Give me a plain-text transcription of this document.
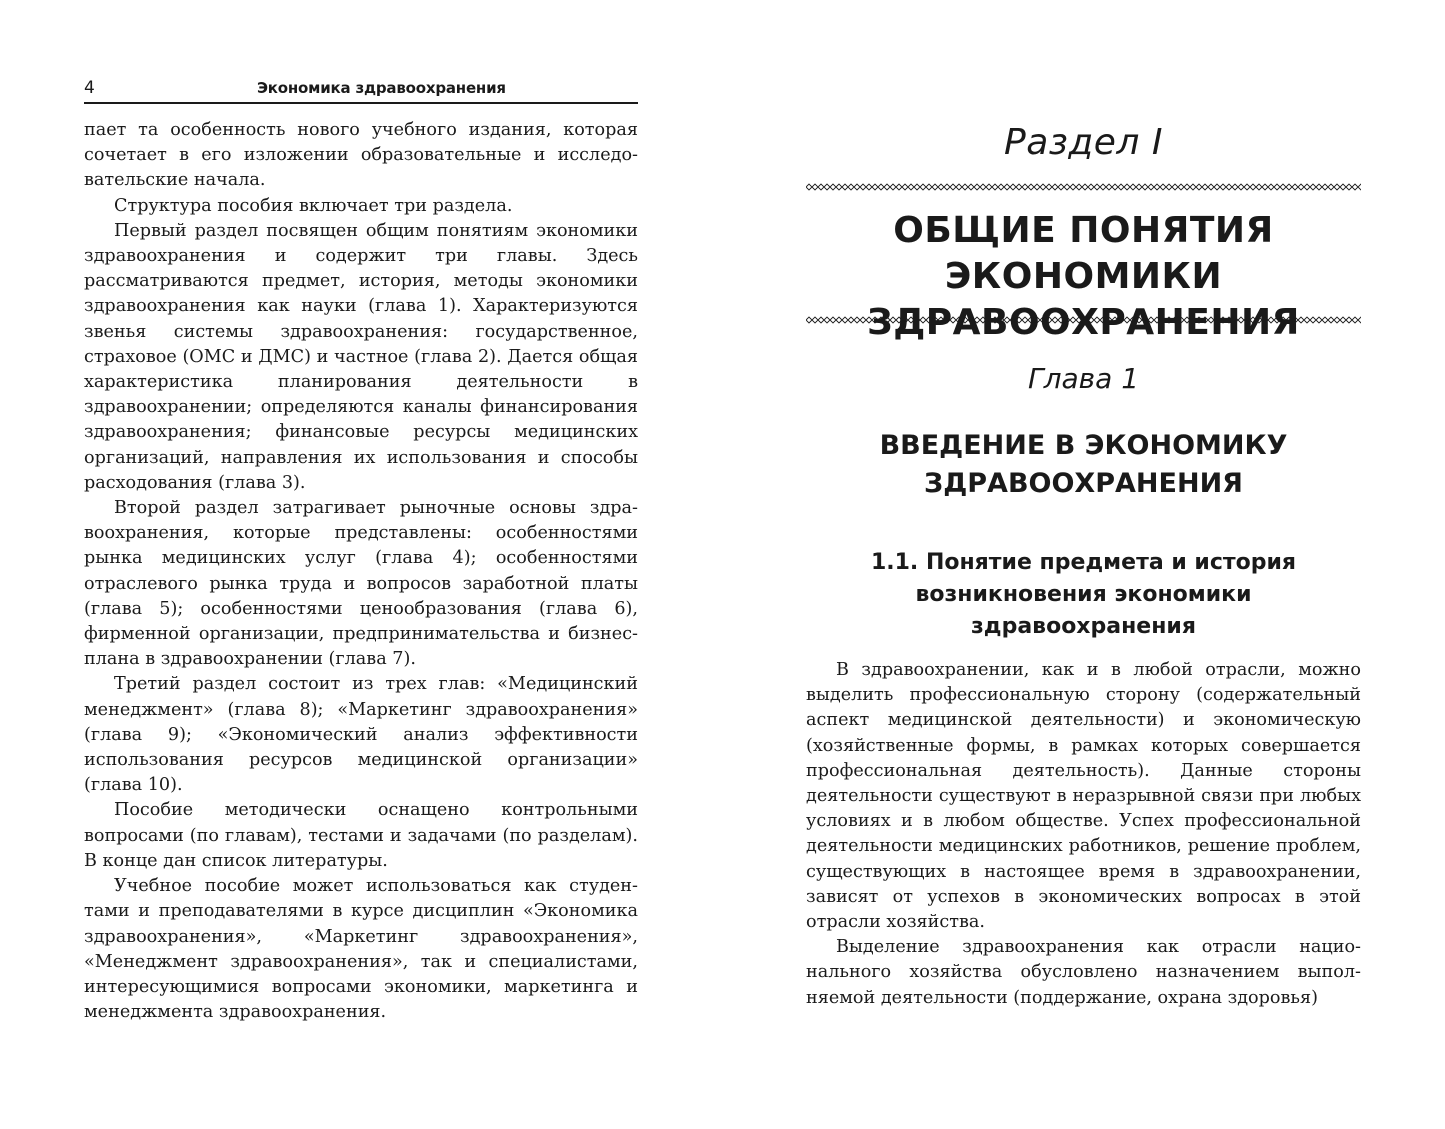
4	Экономика здравоохранения

пает та особенность нового учебного издания, которая сочетает в его изложении образовательные и исследовательские начала.

Структура пособия включает три раздела.

Первый раздел посвящен общим понятиям экономики здравоохранения и содержит три главы. Здесь рассматриваются предмет, история, методы экономики здравоохранения как науки (глава 1). Характеризуются звенья системы здравоохранения: государственное, страховое (ОМС и ДМС) и частное (глава 2). Дается общая характеристика планирования деятельности в здравоохранении; определяются каналы финансирования здравоохранения; финансовые ресурсы медицинских организаций, направления их использования и способы расходования (глава 3).

Второй раздел затрагивает рыночные основы здравоохранения, которые представлены: особенностями рынка медицинских услуг (глава 4); особенностями отраслевого рынка труда и вопросов заработной платы (глава 5); особенностями ценообразования (глава 6), фирменной организации, предпринимательства и бизнес-плана в здравоохранении (глава 7).

Третий раздел состоит из трех глав: «Медицинский менеджмент» (глава 8); «Маркетинг здравоохранения» (глава 9); «Экономический анализ эффективности использования ресурсов медицинской организации» (глава 10).

Пособие методически оснащено контрольными вопросами (по главам), тестами и задачами (по разделам). В конце дан список литературы.

Учебное пособие может использоваться как студентами и преподавателями в курсе дисциплин «Экономика здравоохранения», «Маркетинг здравоохранения», «Менеджмент здравоохранения», так и специалистами, интересующимися вопросами экономики, маркетинга и менеджмента здравоохранения.

Раздел I
ОБЩИЕ ПОНЯТИЯ ЭКОНОМИКИ
Глава 1
ВВЕДЕНИЕ В ЭКОНОМИКУ
ЗДРАВООХРАНЕНИЯ
1.1. Понятие предмета и история
возникновения экономики
здравоохранения

В здравоохранении, как и в любой отрасли, можно выделить профессиональную сторону (содержательный аспект медицинской деятельности) и экономическую (хозяйственные формы, в рамках которых совершается профессиональная деятельность). Данные стороны деятельности существуют в неразрывной связи при любых условиях и в любом обществе. Успех профессиональной деятельности медицинских работников, решение проблем, существующих в настоящее время в здравоохранении, зависят от успехов в экономических вопросах в этой отрасли хозяйства.

Выделение здравоохранения как отрасли национального хозяйства обусловлено назначением выполняемой деятельности (поддержание, охрана здоровья)
